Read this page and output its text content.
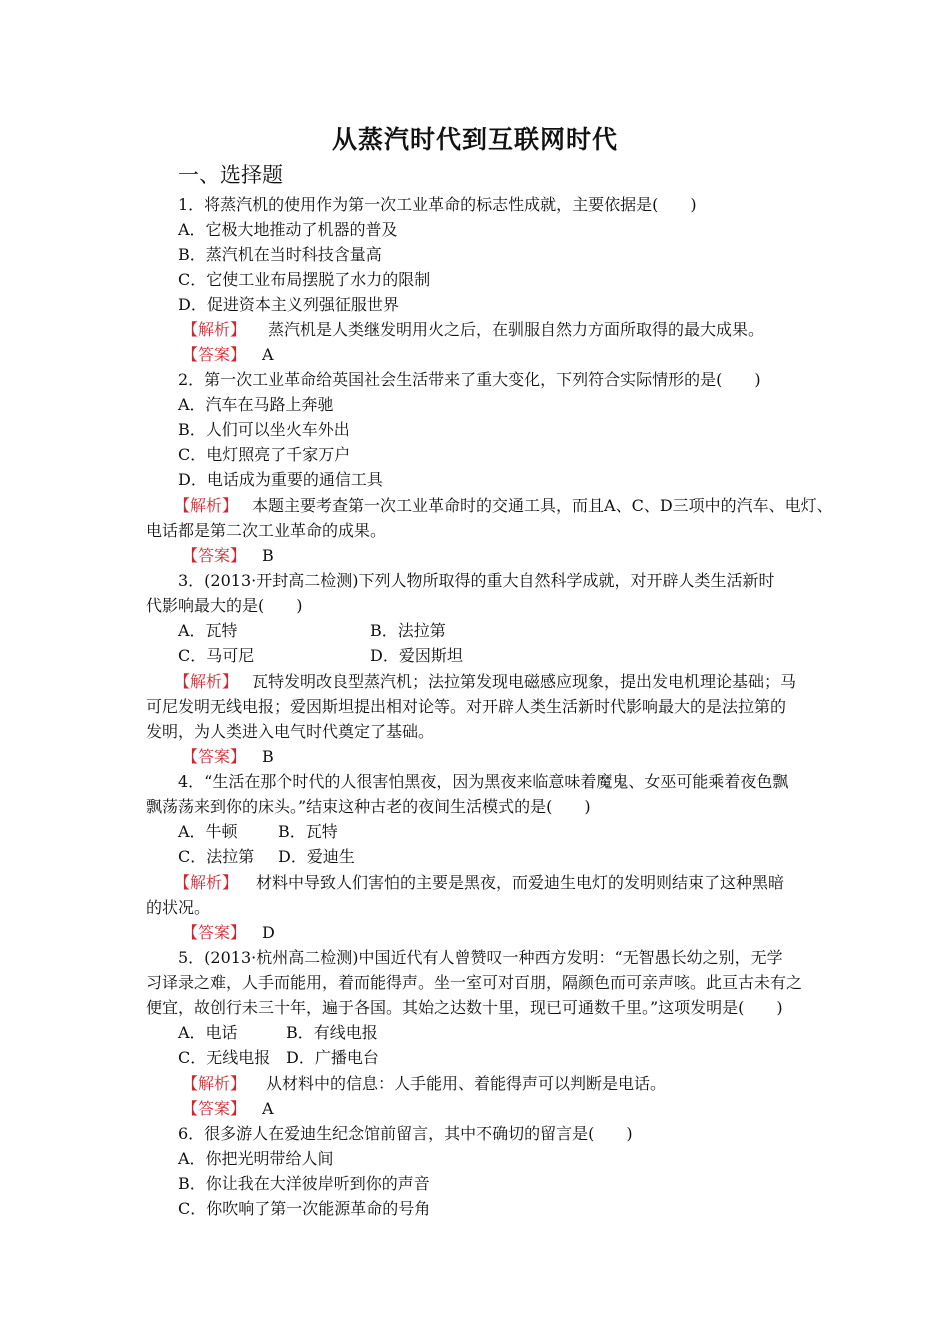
从蒸汽时代到互联网时代
一、选择题
1．将蒸汽机的使用作为第一次工业革命的标志性成就，主要依据是(　　)
A．它极大地推动了机器的普及
B．蒸汽机在当时科技含量高
C．它使工业布局摆脱了水力的限制
D．促进资本主义列强征服世界
【解析】 蒸汽机是人类继发明用火之后，在驯服自然力方面所取得的最大成果。
【答案】 A
2．第一次工业革命给英国社会生活带来了重大变化，下列符合实际情形的是(　　)
A．汽车在马路上奔驰
B．人们可以坐火车外出
C．电灯照亮了千家万户
D．电话成为重要的通信工具
【解析】 本题主要考查第一次工业革命时的交通工具，而且A、C、D三项中的汽车、电灯、
电话都是第二次工业革命的成果。
【答案】 B
3．(2013·开封高二检测)下列人物所取得的重大自然科学成就，对开辟人类生活新时
代影响最大的是(　　)
A．瓦特	B．法拉第
C．马可尼	D．爱因斯坦
【解析】 瓦特发明改良型蒸汽机；法拉第发现电磁感应现象，提出发电机理论基础；马
可尼发明无线电报；爱因斯坦提出相对论等。对开辟人类生活新时代影响最大的是法拉第的
发明，为人类进入电气时代奠定了基础。
【答案】 B
4．“生活在那个时代的人很害怕黑夜，因为黑夜来临意味着魔鬼、女巫可能乘着夜色飘
飘荡荡来到你的床头。”结束这种古老的夜间生活模式的是(　　)
A．牛顿	B．瓦特
C．法拉第 D．爱迪生
【解析】 材料中导致人们害怕的主要是黑夜，而爱迪生电灯的发明则结束了这种黑暗
的状况。
【答案】 D
5．(2013·杭州高二检测)中国近代有人曾赞叹一种西方发明：“无智愚长幼之别，无学
习译录之难，人手而能用，着而能得声。坐一室可对百朋，隔颜色而可亲声咳。此亘古未有之
便宜，故创行未三十年，遍于各国。其始之达数十里，现已可通数千里。”这项发明是(　　)
A．电话	B．有线电报
C．无线电报 D．广播电台
【解析】 从材料中的信息：人手能用、着能得声可以判断是电话。
【答案】 A
6．很多游人在爱迪生纪念馆前留言，其中不确切的留言是(　　)
A．你把光明带给人间
B．你让我在大洋彼岸听到你的声音
C．你吹响了第一次能源革命的号角
